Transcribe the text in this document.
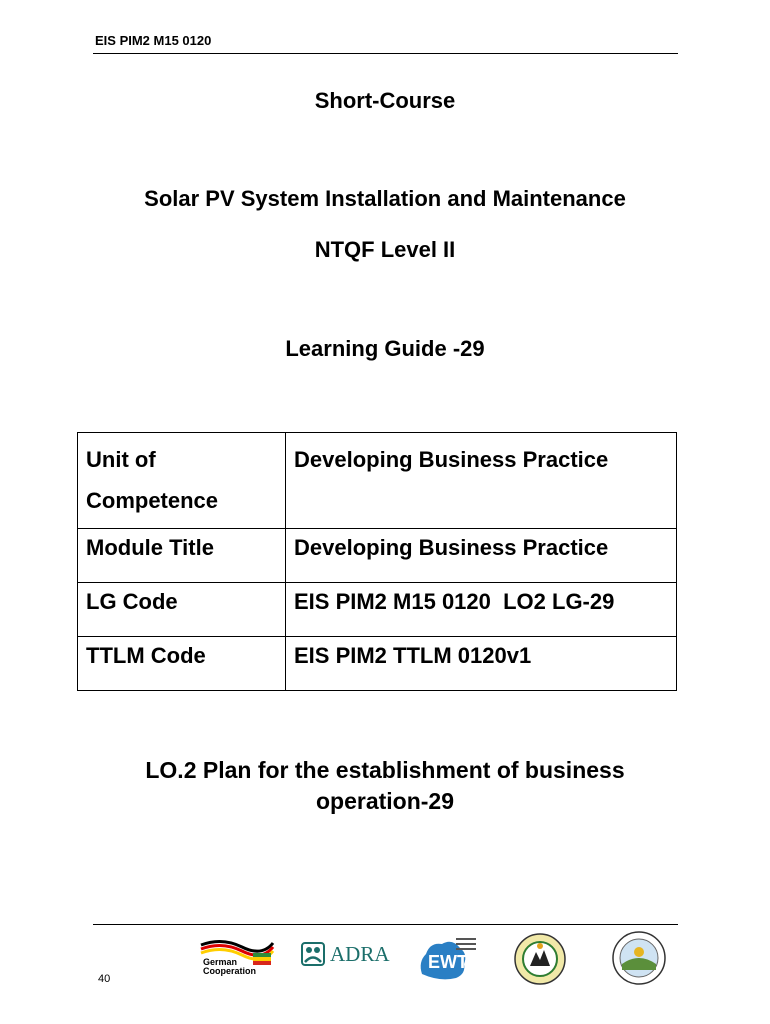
EIS PIM2 M15 0120
Short-Course
Solar PV System Installation and Maintenance
NTQF Level II
Learning Guide -29
Unit of Competence	Developing Business Practice
Module Title	Developing Business Practice
LG Code	EIS PIM2 M15 0120  LO2 LG-29
TTLM Code	EIS PIM2 TTLM 0120v1
LO.2 Plan for the establishment of business
operation-29
40
German
Cooperation
ADRA EWTI
